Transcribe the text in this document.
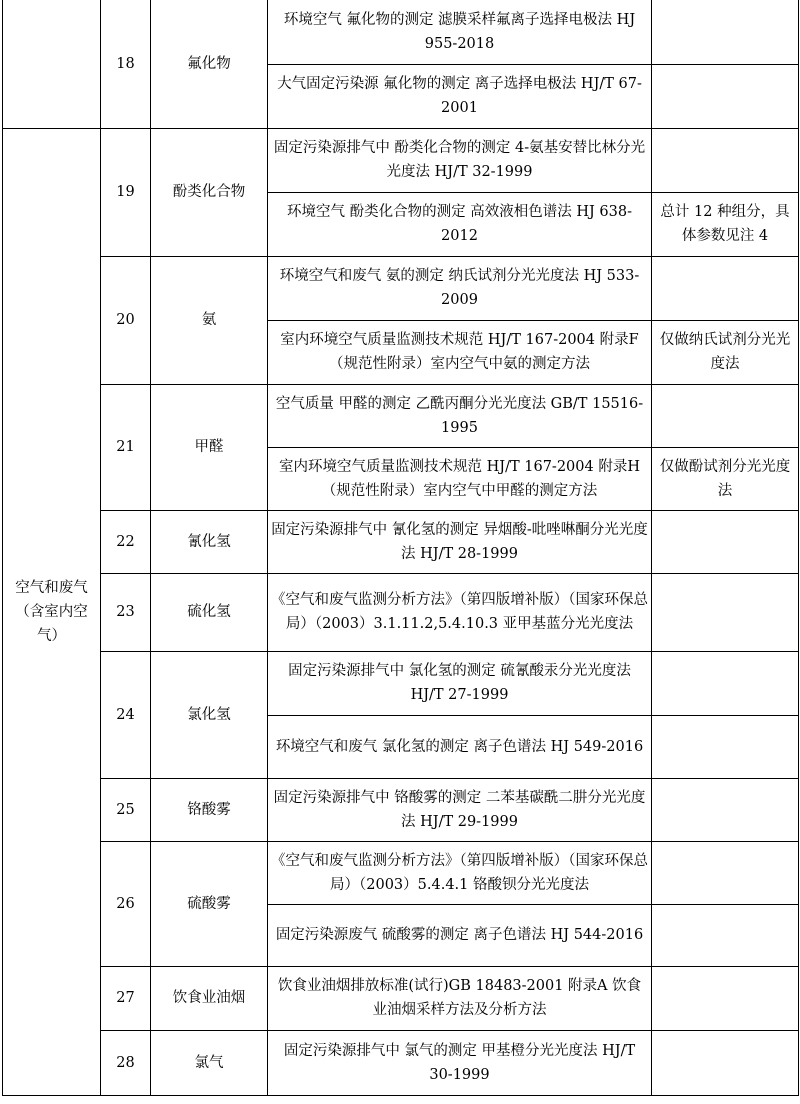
	18	氟化物	环境空气 氟化物的测定 滤膜采样氟离子选择电极法 HJ 955-2018	
			大气固定污染源 氟化物的测定 离子选择电极法 HJ/T 67-2001	
空气和废气（含室内空气）	19	酚类化合物	固定污染源排气中 酚类化合物的测定 4-氨基安替比林分光光度法 HJ/T 32-1999	
			环境空气 酚类化合物的测定 高效液相色谱法 HJ 638-2012	总计 12 种组分，具体参数见注 4
	20	氨	环境空气和废气 氨的测定 纳氏试剂分光光度法 HJ 533-2009	
			室内环境空气质量监测技术规范 HJ/T 167-2004 附录F （规范性附录）室内空气中氨的测定方法	仅做纳氏试剂分光光度法
	21	甲醛	空气质量 甲醛的测定 乙酰丙酮分光光度法 GB/T 15516-1995	
			室内环境空气质量监测技术规范 HJ/T 167-2004 附录H （规范性附录）室内空气中甲醛的测定方法	仅做酚试剂分光光度法
	22	氰化氢	固定污染源排气中 氰化氢的测定 异烟酸-吡唑啉酮分光光度法 HJ/T 28-1999	
	23	硫化氢	《空气和废气监测分析方法》（第四版增补版）（国家环保总局）（2003）3.1.11.2,5.4.10.3 亚甲基蓝分光光度法	
	24	氯化氢	固定污染源排气中 氯化氢的测定 硫氰酸汞分光光度法 HJ/T 27-1999	
			环境空气和废气 氯化氢的测定 离子色谱法 HJ 549-2016	
	25	铬酸雾	固定污染源排气中 铬酸雾的测定 二苯基碳酰二肼分光光度法 HJ/T 29-1999	
	26	硫酸雾	《空气和废气监测分析方法》（第四版增补版）（国家环保总局）（2003）5.4.4.1 铬酸钡分光光度法	
			固定污染源废气 硫酸雾的测定 离子色谱法 HJ 544-2016	
	27	饮食业油烟	饮食业油烟排放标准(试行)GB 18483-2001 附录A 饮食业油烟采样方法及分析方法	
	28	氯气	固定污染源排气中 氯气的测定 甲基橙分光光度法 HJ/T 30-1999	
